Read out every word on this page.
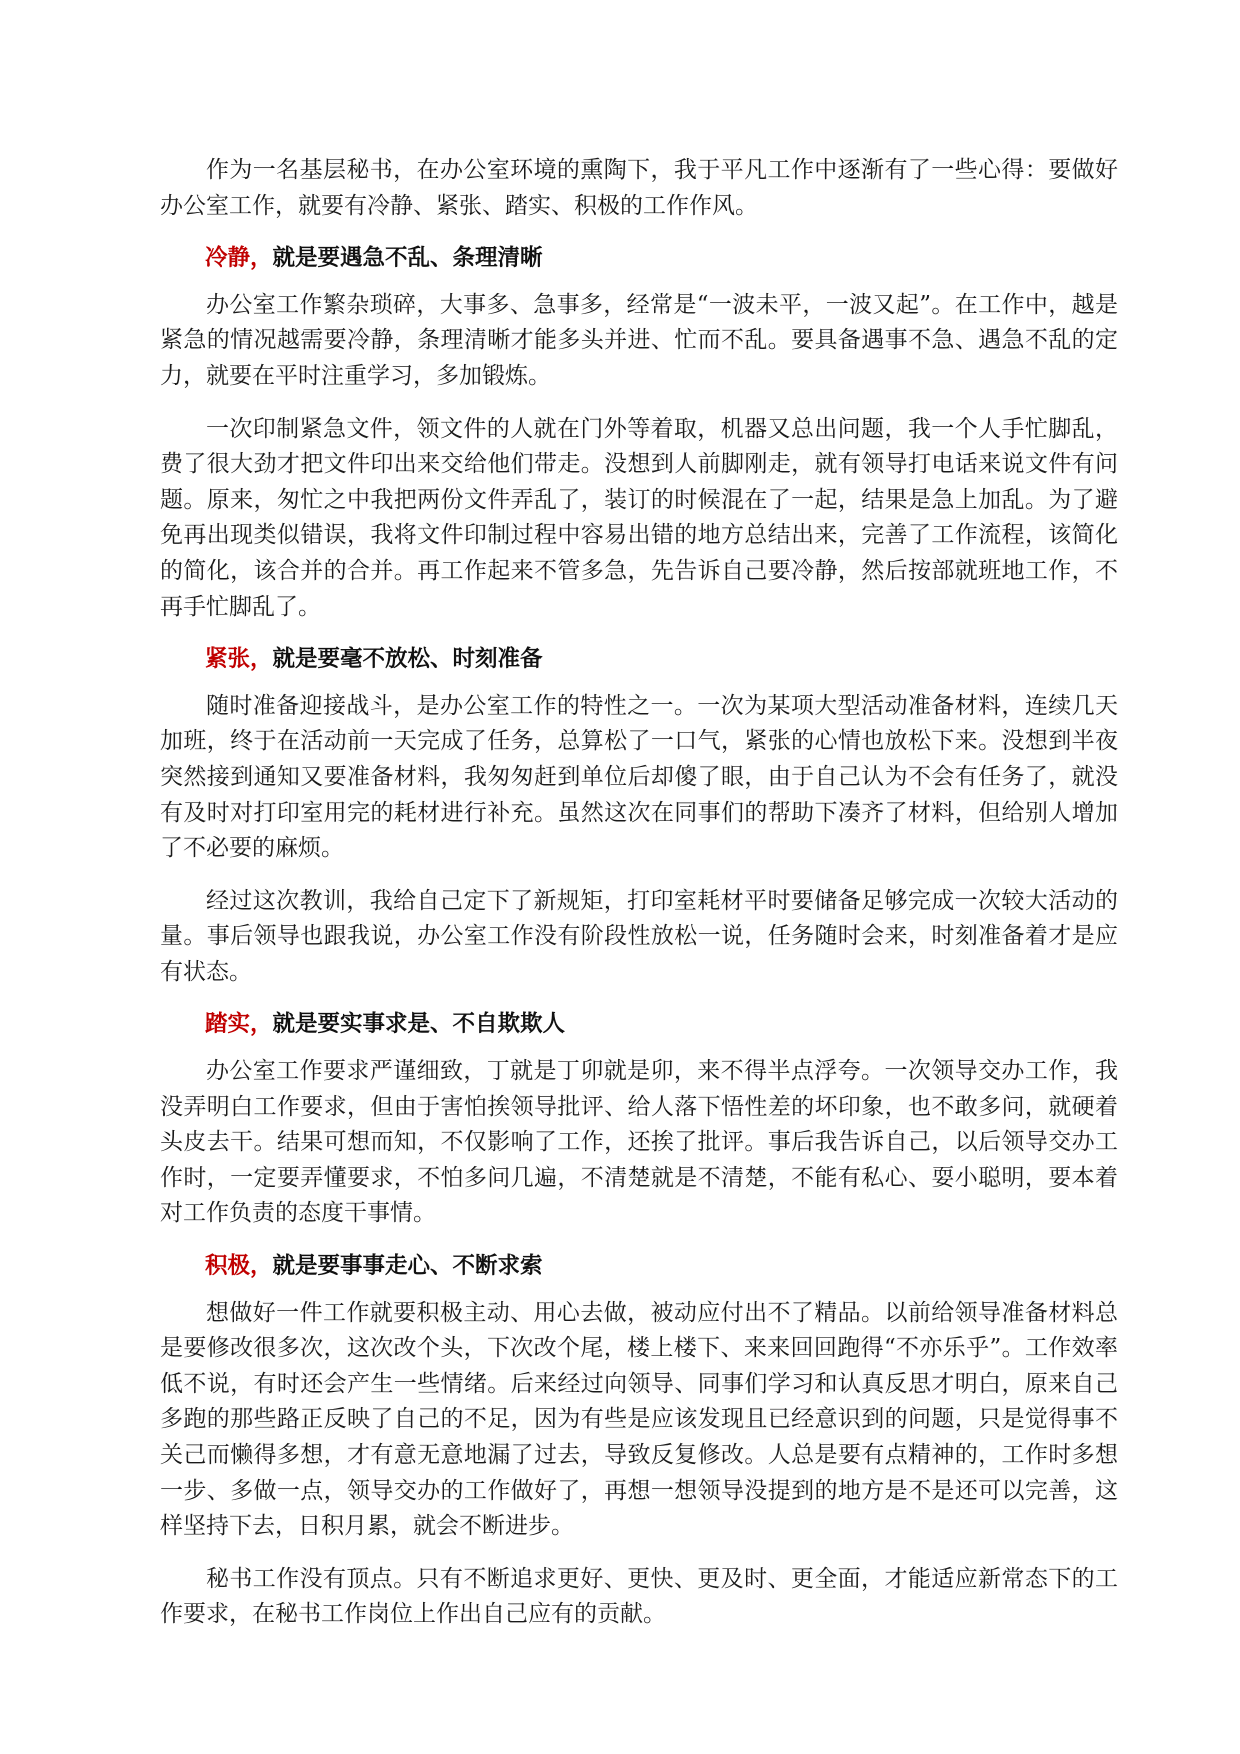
作为一名基层秘书，在办公室环境的熏陶下，我于平凡工作中逐渐有了一些心得：要做好办公室工作，就要有冷静、紧张、踏实、积极的工作作风。

冷静，就是要遇急不乱、条理清晰

办公室工作繁杂琐碎，大事多、急事多，经常是“一波未平，一波又起”。在工作中，越是紧急的情况越需要冷静，条理清晰才能多头并进、忙而不乱。要具备遇事不急、遇急不乱的定力，就要在平时注重学习，多加锻炼。

一次印制紧急文件，领文件的人就在门外等着取，机器又总出问题，我一个人手忙脚乱，费了很大劲才把文件印出来交给他们带走。没想到人前脚刚走，就有领导打电话来说文件有问题。原来，匆忙之中我把两份文件弄乱了，装订的时候混在了一起，结果是急上加乱。为了避免再出现类似错误，我将文件印制过程中容易出错的地方总结出来，完善了工作流程，该简化的简化，该合并的合并。再工作起来不管多急，先告诉自己要冷静，然后按部就班地工作，不再手忙脚乱了。

紧张，就是要毫不放松、时刻准备

随时准备迎接战斗，是办公室工作的特性之一。一次为某项大型活动准备材料，连续几天加班，终于在活动前一天完成了任务，总算松了一口气，紧张的心情也放松下来。没想到半夜突然接到通知又要准备材料，我匆匆赶到单位后却傻了眼，由于自己认为不会有任务了，就没有及时对打印室用完的耗材进行补充。虽然这次在同事们的帮助下凑齐了材料，但给别人增加了不必要的麻烦。

经过这次教训，我给自己定下了新规矩，打印室耗材平时要储备足够完成一次较大活动的量。事后领导也跟我说，办公室工作没有阶段性放松一说，任务随时会来，时刻准备着才是应有状态。

踏实，就是要实事求是、不自欺欺人

办公室工作要求严谨细致，丁就是丁卯就是卯，来不得半点浮夸。一次领导交办工作，我没弄明白工作要求，但由于害怕挨领导批评、给人落下悟性差的坏印象，也不敢多问，就硬着头皮去干。结果可想而知，不仅影响了工作，还挨了批评。事后我告诉自己，以后领导交办工作时，一定要弄懂要求，不怕多问几遍，不清楚就是不清楚，不能有私心、耍小聪明，要本着对工作负责的态度干事情。

积极，就是要事事走心、不断求索

想做好一件工作就要积极主动、用心去做，被动应付出不了精品。以前给领导准备材料总是要修改很多次，这次改个头，下次改个尾，楼上楼下、来来回回跑得“不亦乐乎”。工作效率低不说，有时还会产生一些情绪。后来经过向领导、同事们学习和认真反思才明白，原来自己多跑的那些路正反映了自己的不足，因为有些是应该发现且已经意识到的问题，只是觉得事不关己而懒得多想，才有意无意地漏了过去，导致反复修改。人总是要有点精神的，工作时多想一步、多做一点，领导交办的工作做好了，再想一想领导没提到的地方是不是还可以完善，这样坚持下去，日积月累，就会不断进步。

秘书工作没有顶点。只有不断追求更好、更快、更及时、更全面，才能适应新常态下的工作要求，在秘书工作岗位上作出自己应有的贡献。
